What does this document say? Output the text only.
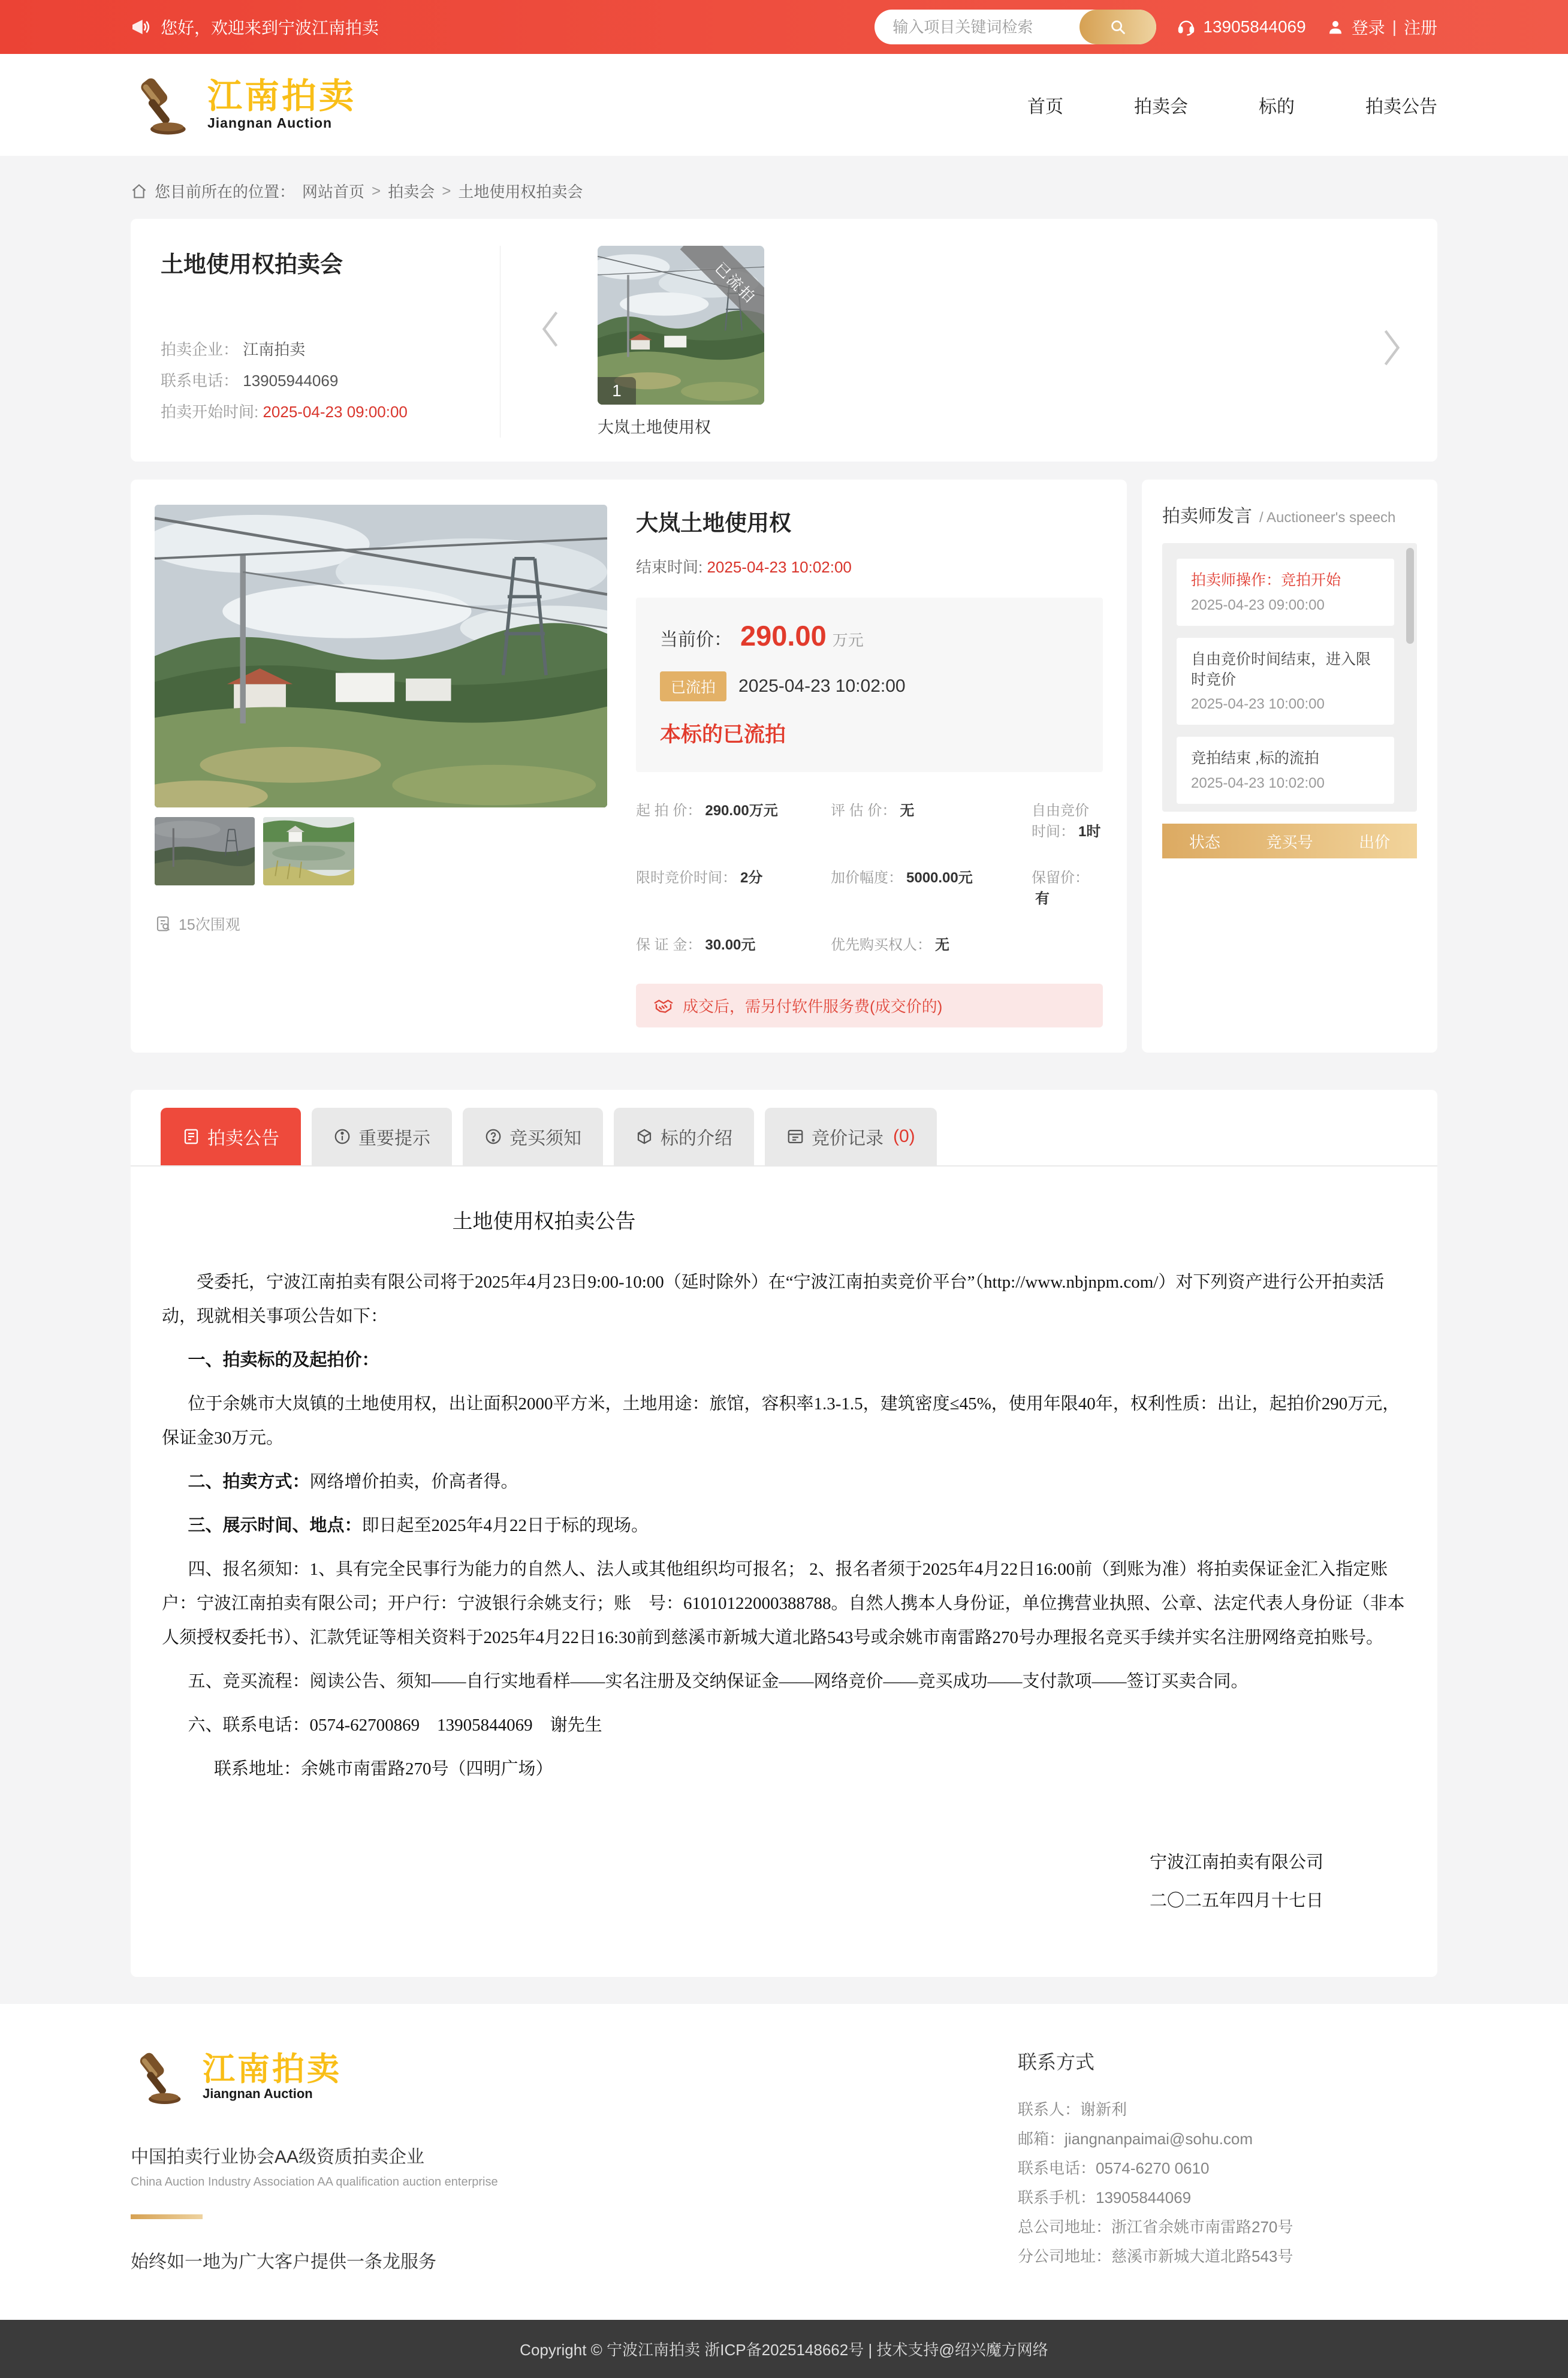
您好，欢迎来到宁波江南拍卖
输入项目关键词检索	13905844069	登录 | 注册
江南拍卖
Jiangnan Auction
首页	拍卖会	标的	拍卖公告
您目前所在的位置： 网站首页 > 拍卖会 > 土地使用权拍卖会
土地使用权拍卖会
拍卖企业： 江南拍卖
联系电话： 13905944069
拍卖开始时间: 2025-04-23 09:00:00
已流拍
1
大岚土地使用权
15次围观
大岚土地使用权
结束时间: 2025-04-23 10:02:00
当前价： 290.00 万元
已流拍	2025-04-23 10:02:00
本标的已流拍
起 拍 价： 290.00万元	评 估 价： 无	自由竞价时间： 1时
限时竞价时间： 2分	加价幅度： 5000.00元	保留价：有
保 证 金： 30.00元	优先购买权人： 无
成交后，需另付软件服务费(成交价的)
拍卖师发言 / Auctioneer's speech
拍卖师操作：竞拍开始
2025-04-23 09:00:00
自由竞价时间结束，进入限时竞价
2025-04-23 10:00:00
竞拍结束 ,标的流拍
2025-04-23 10:02:00
状态	竞买号	出价
拍卖公告	重要提示	竞买须知	标的介绍	竞价记录 (0)
土地使用权拍卖公告

受委托，宁波江南拍卖有限公司将于2025年4月23日9:00-10:00（延时除外）在“宁波江南拍卖竞价平台”（http://www.nbjnpm.com/）对下列资产进行公开拍卖活动，现就相关事项公告如下：

一、拍卖标的及起拍价：

位于余姚市大岚镇的土地使用权，出让面积2000平方米，土地用途：旅馆，容积率1.3-1.5，建筑密度≤45%，使用年限40年，权利性质：出让，起拍价290万元，保证金30万元。

二、拍卖方式：网络增价拍卖，价高者得。

三、展示时间、地点：即日起至2025年4月22日于标的现场。

四、报名须知：1、具有完全民事行为能力的自然人、法人或其他组织均可报名； 2、报名者须于2025年4月22日16:00前（到账为准）将拍卖保证金汇入指定账户：宁波江南拍卖有限公司；开户行：宁波银行余姚支行；账　号：61010122000388788。自然人携本人身份证，单位携营业执照、公章、法定代表人身份证（非本人须授权委托书）、汇款凭证等相关资料于2025年4月22日16:30前到慈溪市新城大道北路543号或余姚市南雷路270号办理报名竞买手续并实名注册网络竞拍账号。

五、竞买流程：阅读公告、须知——自行实地看样——实名注册及交纳保证金——网络竞价——竞买成功——支付款项——签订买卖合同。

六、联系电话：0574-62700869　13905844069　谢先生

联系地址：余姚市南雷路270号（四明广场）

宁波江南拍卖有限公司
二〇二五年四月十七日
江南拍卖
Jiangnan Auction
中国拍卖行业协会AA级资质拍卖企业
China Auction Industry Association AA qualification auction enterprise
始终如一地为广大客户提供一条龙服务
联系方式
联系人：谢新利
邮箱：jiangnanpaimai@sohu.com
联系电话：0574-6270 0610
联系手机：13905844069
总公司地址：浙江省余姚市南雷路270号
分公司地址：慈溪市新城大道北路543号
Copyright © 宁波江南拍卖 浙ICP备2025148662号 | 技术支持@绍兴魔方网络
